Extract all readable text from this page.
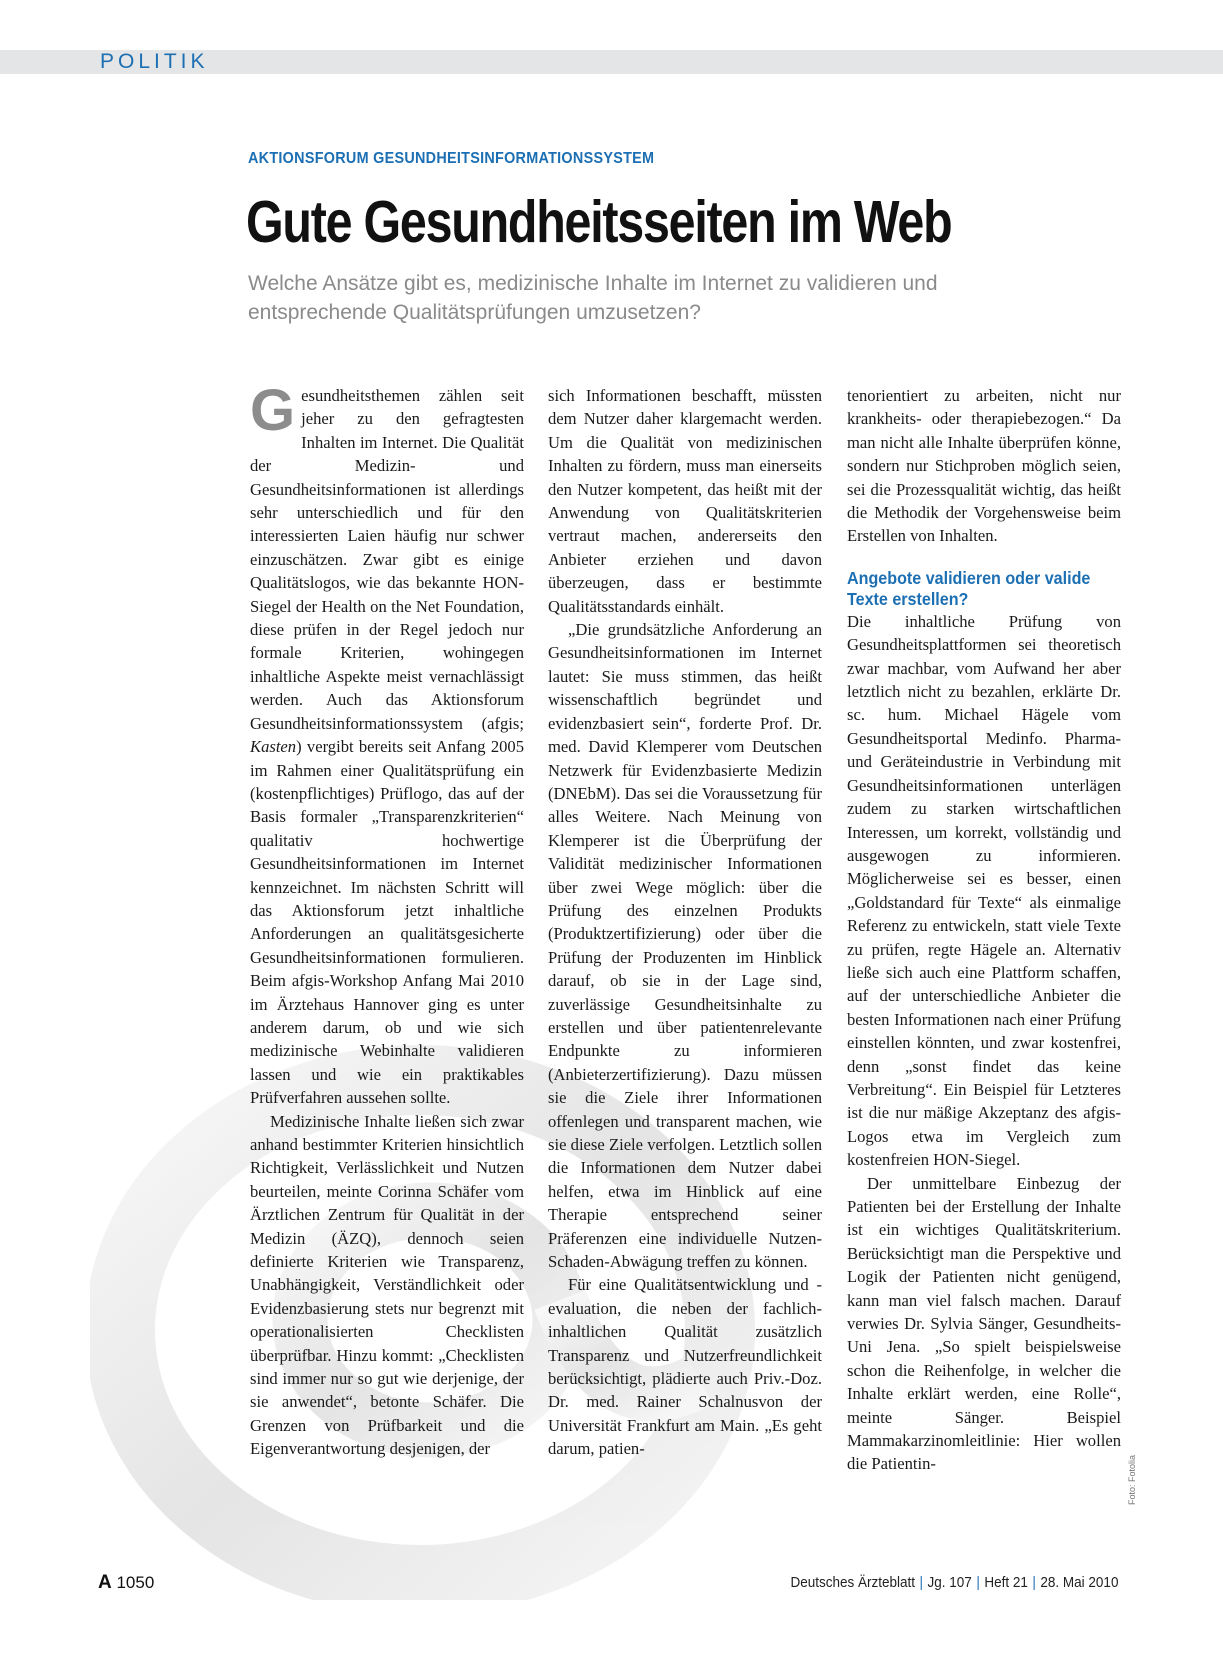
POLITIK
AKTIONSFORUM GESUNDHEITSINFORMATIONSSYSTEM
Gute Gesundheitsseiten im Web
Welche Ansätze gibt es, medizinische Inhalte im Internet zu validieren und entsprechende Qualitätsprüfungen umzusetzen?

Gesundheitsthemen zählen seit jeher zu den gefragtesten Inhalten im Internet. Die Qualität der Medizin- und Gesundheitsinformationen ist allerdings sehr unterschiedlich und für den interessierten Laien häufig nur schwer einzuschätzen. Zwar gibt es einige Qualitätslogos, wie das bekannte HON-Siegel der Health on the Net Foundation, diese prüfen in der Regel jedoch nur formale Kriterien, wohingegen inhaltliche Aspekte meist vernachlässigt werden. Auch das Aktionsforum Gesundheitsinformationssystem (afgis; Kasten) vergibt bereits seit Anfang 2005 im Rahmen einer Qualitätsprüfung ein (kostenpflichtiges) Prüflogo, das auf der Basis formaler „Transparenzkriterien“ qualitativ hochwertige Gesundheitsinformationen im Internet kennzeichnet. Im nächsten Schritt will das Aktionsforum jetzt inhaltliche Anforderungen an qualitätsgesicherte Gesundheitsinformationen formulieren. Beim afgis-Workshop Anfang Mai 2010 im Ärztehaus Hannover ging es unter anderem darum, ob und wie sich medizinische Webinhalte validieren lassen und wie ein praktikables Prüfverfahren aussehen sollte.

Medizinische Inhalte ließen sich zwar anhand bestimmter Kriterien hinsichtlich Richtigkeit, Verlässlichkeit und Nutzen beurteilen, meinte Corinna Schäfer vom Ärztlichen Zentrum für Qualität in der Medizin (ÄZQ), dennoch seien definierte Kriterien wie Transparenz, Unabhängigkeit, Verständlichkeit oder Evidenzbasierung stets nur begrenzt mit operationalisierten Checklisten überprüfbar. Hinzu kommt: „Checklisten sind immer nur so gut wie derjenige, der sie anwendet“, betonte Schäfer. Die Grenzen von Prüfbarkeit und die Eigenverantwortung desjenigen, der

sich Informationen beschafft, müssten dem Nutzer daher klargemacht werden. Um die Qualität von medizinischen Inhalten zu fördern, muss man einerseits den Nutzer kompetent, das heißt mit der Anwendung von Qualitätskriterien vertraut machen, andererseits den Anbieter erziehen und davon überzeugen, dass er bestimmte Qualitätsstandards einhält.

„Die grundsätzliche Anforderung an Gesundheitsinformationen im Internet lautet: Sie muss stimmen, das heißt wissenschaftlich begründet und evidenzbasiert sein“, forderte Prof. Dr. med. David Klemperer vom Deutschen Netzwerk für Evidenzbasierte Medizin (DNEbM). Das sei die Voraussetzung für alles Weitere. Nach Meinung von Klemperer ist die Überprüfung der Validität medizinischer Informationen über zwei Wege möglich: über die Prüfung des einzelnen Produkts (Produktzertifizierung) oder über die Prüfung der Produzenten im Hinblick darauf, ob sie in der Lage sind, zuverlässige Gesundheitsinhalte zu erstellen und über patientenrelevante Endpunkte zu informieren (Anbieterzertifizierung). Dazu müssen sie die Ziele ihrer Informationen offenlegen und transparent machen, wie sie diese Ziele verfolgen. Letztlich sollen die Informationen dem Nutzer dabei helfen, etwa im Hinblick auf eine Therapie entsprechend seiner Präferenzen eine individuelle Nutzen-Schaden-Abwägung treffen zu können.

Für eine Qualitätsentwicklung und -evaluation, die neben der fachlich-inhaltlichen Qualität zusätzlich Transparenz und Nutzerfreundlichkeit berücksichtigt, plädierte auch Priv.-Doz. Dr. med. Rainer Schalnusvon der Universität Frankfurt am Main. „Es geht darum, patien-

tenorientiert zu arbeiten, nicht nur krankheits- oder therapiebezogen.“ Da man nicht alle Inhalte überprüfen könne, sondern nur Stichproben möglich seien, sei die Prozessqualität wichtig, das heißt die Methodik der Vorgehensweise beim Erstellen von Inhalten.

Angebote validieren oder valide Texte erstellen?

Die inhaltliche Prüfung von Gesundheitsplattformen sei theoretisch zwar machbar, vom Aufwand her aber letztlich nicht zu bezahlen, erklärte Dr. sc. hum. Michael Hägele vom Gesundheitsportal Medinfo. Pharma- und Geräteindustrie in Verbindung mit Gesundheitsinformationen unterlägen zudem zu starken wirtschaftlichen Interessen, um korrekt, vollständig und ausgewogen zu informieren. Möglicherweise sei es besser, einen „Goldstandard für Texte“ als einmalige Referenz zu entwickeln, statt viele Texte zu prüfen, regte Hägele an. Alternativ ließe sich auch eine Plattform schaffen, auf der unterschiedliche Anbieter die besten Informationen nach einer Prüfung einstellen könnten, und zwar kostenfrei, denn „sonst findet das keine Verbreitung“. Ein Beispiel für Letzteres ist die nur mäßige Akzeptanz des afgis-Logos etwa im Vergleich zum kostenfreien HON-Siegel.

Der unmittelbare Einbezug der Patienten bei der Erstellung der Inhalte ist ein wichtiges Qualitätskriterium. Berücksichtigt man die Perspektive und Logik der Patienten nicht genügend, kann man viel falsch machen. Darauf verwies Dr. Sylvia Sänger, Gesundheits-Uni Jena. „So spielt beispielsweise schon die Reihenfolge, in welcher die Inhalte erklärt werden, eine Rolle“, meinte Sänger. Beispiel Mammakarzinomleitlinie: Hier wollen die Patientin-	Foto: Fotolia
A 1050	Deutsches Ärzteblatt | Jg. 107 | Heft 21 | 28. Mai 2010
